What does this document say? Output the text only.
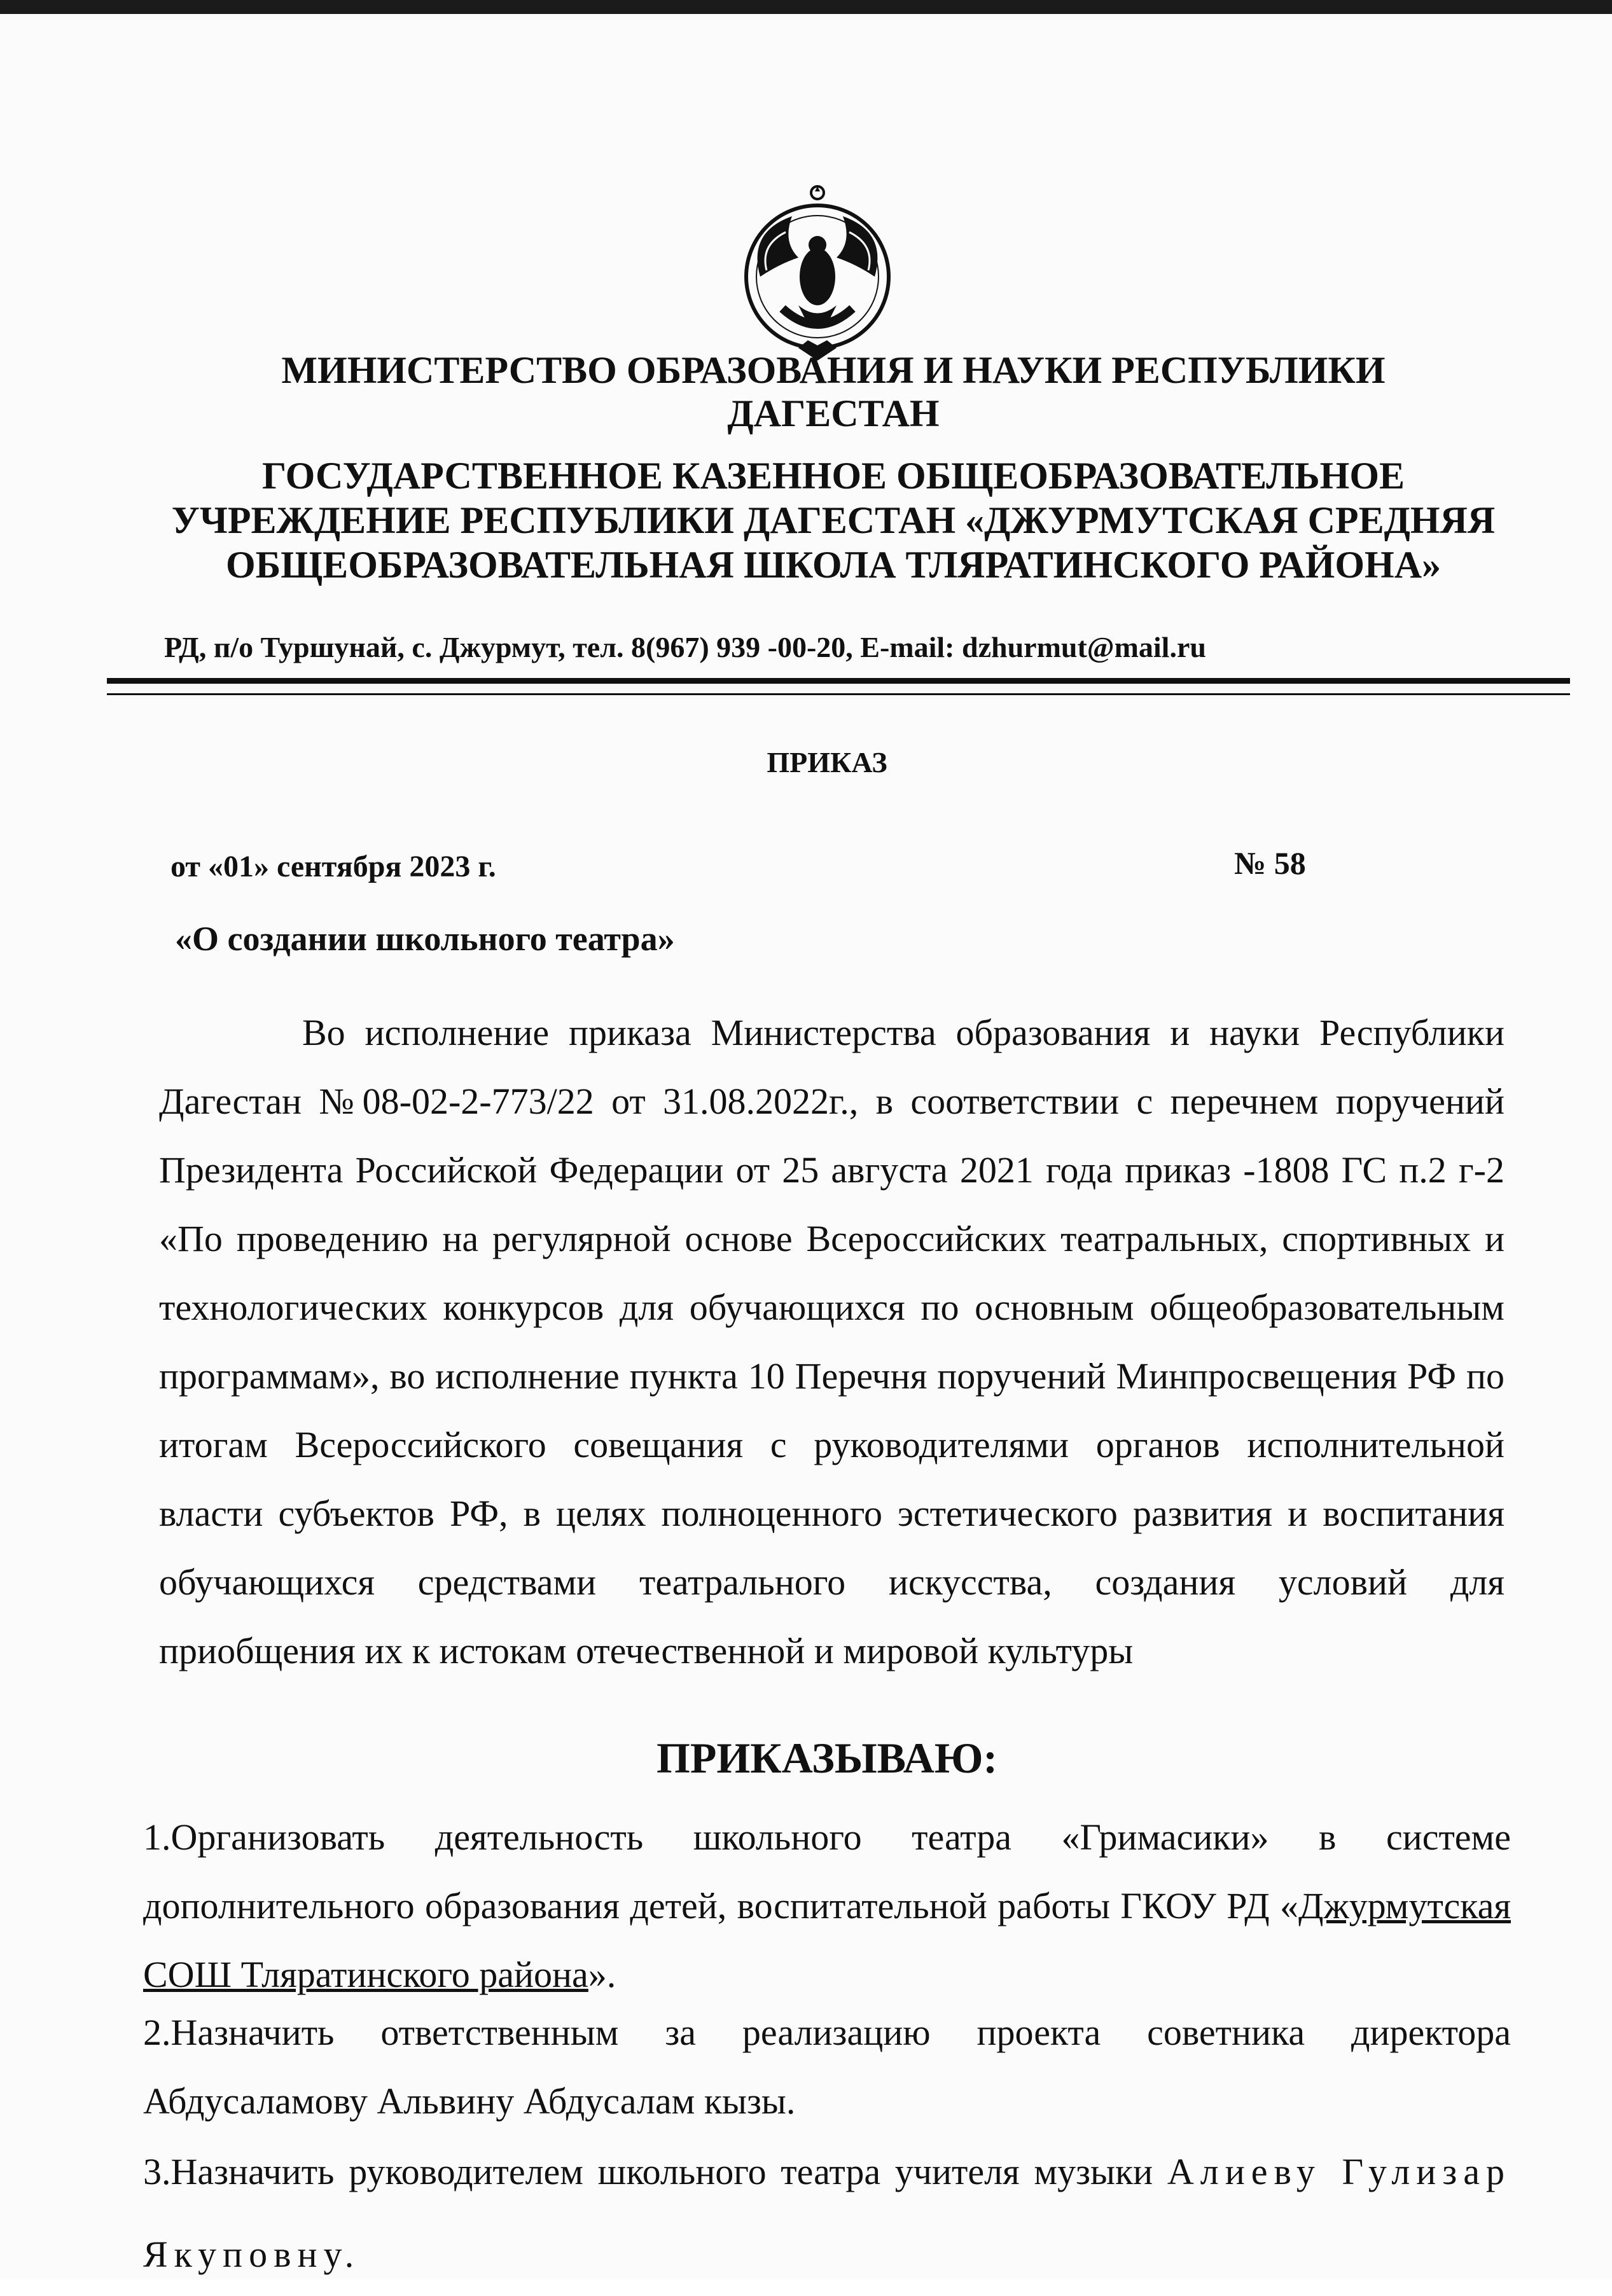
МИНИСТЕРСТВО ОБРАЗОВАНИЯ И НАУКИ РЕСПУБЛИКИ ДАГЕСТАН
ГОСУДАРСТВЕННОЕ КАЗЕННОЕ ОБЩЕОБРАЗОВАТЕЛЬНОЕ УЧРЕЖДЕНИЕ РЕСПУБЛИКИ ДАГЕСТАН «ДЖУРМУТСКАЯ СРЕДНЯЯ ОБЩЕОБРАЗОВАТЕЛЬНАЯ ШКОЛА ТЛЯРАТИНСКОГО РАЙОНА»
РД, п/о Туршунай, с. Джурмут, тел. 8(967) 939 -00-20, E-mail: dzhurmut@mail.ru
ПРИКАЗ
от «01» сентября 2023 г.	№ 58
«О создании школьного театра»
Во исполнение приказа Министерства образования и науки Республики Дагестан №08-02-2-773/22 от 31.08.2022г., в соответствии с перечнем поручений Президента Российской Федерации от 25 августа 2021 года приказ -1808 ГС п.2 г-2 «По проведению на регулярной основе Всероссийских театральных, спортивных и технологических конкурсов для обучающихся по основным общеобразовательным программам», во исполнение пункта 10 Перечня поручений Минпросвещения РФ по итогам Всероссийского совещания с руководителями органов исполнительной власти субъектов РФ, в целях полноценного эстетического развития и воспитания обучающихся средствами театрального искусства, создания условий для приобщения их к истокам отечественной и мировой культуры
ПРИКАЗЫВАЮ:
1.Организовать деятельность школьного театра «Гримасики» в системе дополнительного образования детей, воспитательной работы ГКОУ РД «Джурмутская СОШ Тляратинского района».
2.Назначить ответственным за реализацию проекта советника директора Абдусаламову Альвину Абдусалам кызы.
3.Назначить руководителем школьного театра учителя музыки Алиеву Гулизар Якуповну.
